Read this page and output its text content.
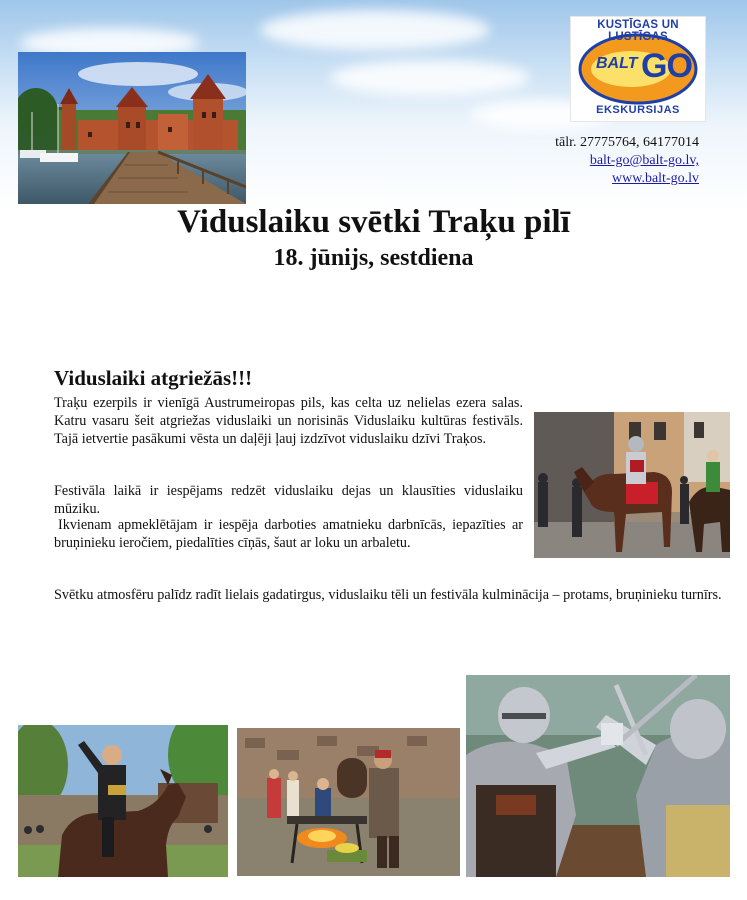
KUSTĪGAS UN LUSTĪGAS
BALT GO
EKSKURSIJAS
tālr. 27775764, 64177014
balt-go@balt-go.lv,
www.balt-go.lv
Viduslaiku svētki Traķu pilī
18. jūnijs, sestdiena
Viduslaiki atgriežās!!!
Traķu ezerpils ir vienīgā Austrumeiropas pils, kas celta uz nelielas ezera salas. Katru vasaru šeit atgriežas viduslaiki un norisinās Viduslaiku kultūras festivāls. Tajā ietvertie pasākumi vēsta un daļēji ļauj izdzīvot viduslaiku dzīvi Traķos.
Festivāla laikā ir iespējams redzēt viduslaiku dejas un klausīties viduslaiku mūziku.
Ikvienam apmeklētājam ir iespēja darboties amatnieku darbnīcās, iepazīties ar bruņinieku ieročiem, piedalīties cīņās, šaut ar loku un arbaletu.
Svētku atmosfēru palīdz radīt lielais gadatirgus, viduslaiku tēli un festivāla kulminācija – protams, bruņinieku turnīrs.
